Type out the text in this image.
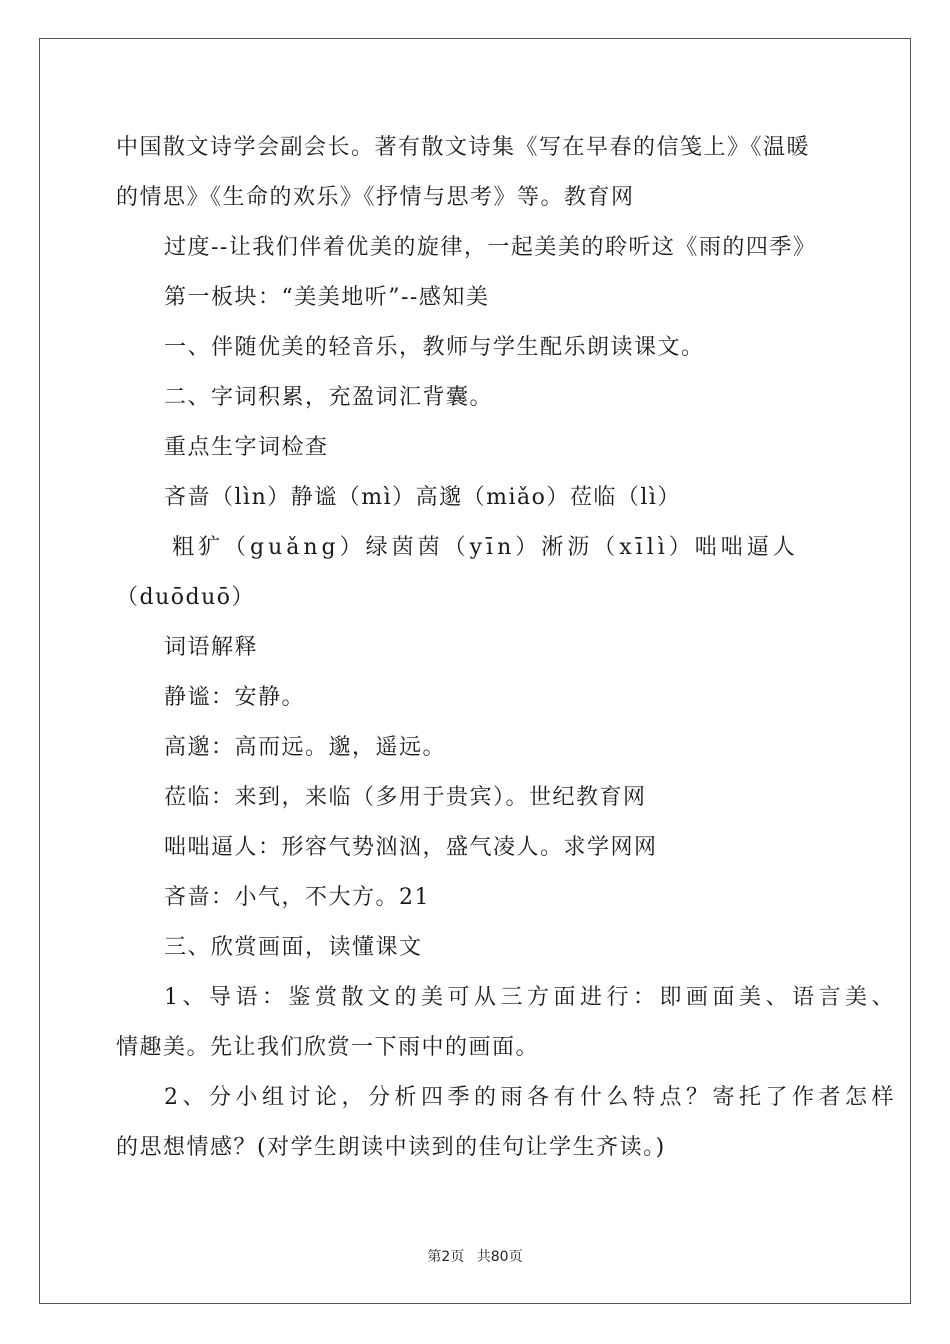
中国散文诗学会副会长。著有散文诗集《写在早春的信笺上》《温暖
的情思》《生命的欢乐》《抒情与思考》等。教育网
过度--让我们伴着优美的旋律，一起美美的聆听这《雨的四季》
第一板块：“美美地听”--感知美
一、伴随优美的轻音乐，教师与学生配乐朗读课文。
二、字词积累，充盈词汇背囊。
重点生字词检查
吝啬（lìn）静谧（mì）高邈（miǎo）莅临（lì）
粗犷（guǎng）绿茵茵（yīn）淅沥（xīlì）咄咄逼人
（duōduō）
词语解释
静谧：安静。
高邈：高而远。邈，遥远。
莅临：来到，来临（多用于贵宾）。世纪教育网
咄咄逼人：形容气势汹汹，盛气凌人。求学网网
吝啬：小气，不大方。21
三、欣赏画面，读懂课文
1、导语：鉴赏散文的美可从三方面进行：即画面美、语言美、
情趣美。先让我们欣赏一下雨中的画面。
2、分小组讨论，分析四季的雨各有什么特点？寄托了作者怎样
的思想情感？(对学生朗读中读到的佳句让学生齐读。)
第2页 共80页
